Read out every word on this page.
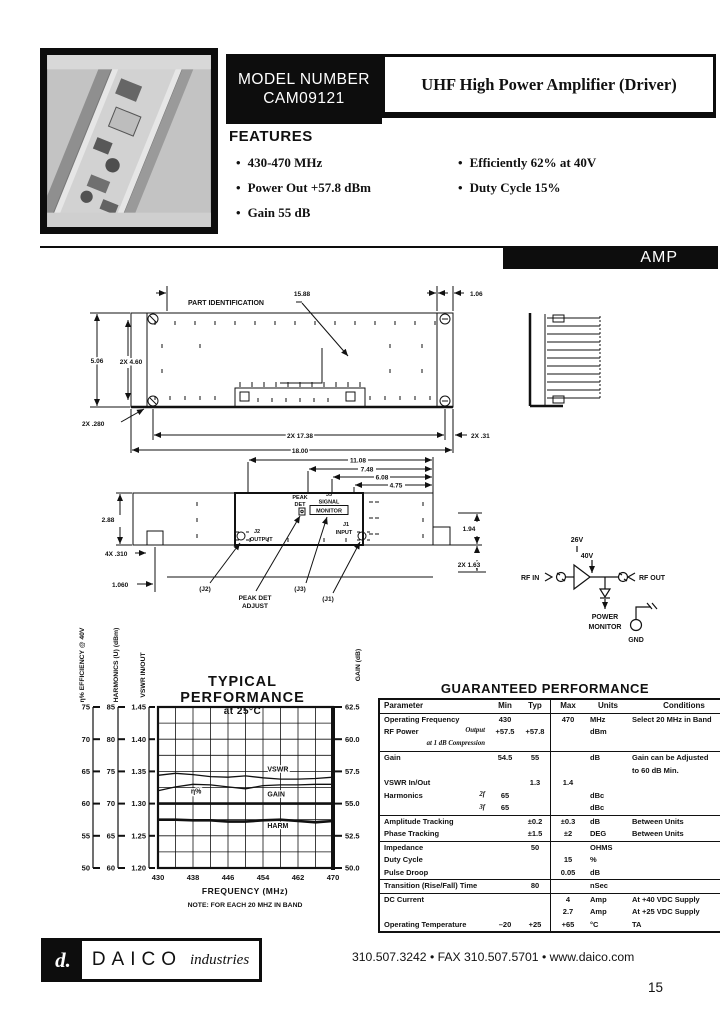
MODEL NUMBER
CAM09121
UHF High Power Amplifier (Driver)
FEATURES
• 430-470 MHz
• Power Out +57.8 dBm
• Gain 55 dB
• Efficiently 62% at 40V
• Duty Cycle 15%
AMP
PART IDENTIFICATION
15.88	1.06
5.06	2X 4.60
2X .280
2X 17.38
18.00
2X .31
11.08
7.48
6.08
4.75
2.88
4X .310
1.060
1.94
2X 1.63
J2
OUTPUT
PEAK
DET
J3
SIGNAL
MONITOR
J1
INPUT
(J2)
PEAK DET
ADJUST
(J3)
(J1)
26V
40V
RF IN	RF OUT
POWER
MONITOR
GND
TYPICAL PERFORMANCE
at 25°C
η% EFFICIENCY @ 40V	HARMONICS (U) (dBm)	VSWR IN/OUT	GAIN (dB)
FREQUENCY (MHz)
NOTE: FOR EACH 20 MHZ IN BAND
75
70
65
60
55
50
85
80
75
70
65
60
1.45
1.40
1.35
1.30
1.25
1.20
62.5
60.0
57.5
55.0
52.5
50.0
430	438	446	454	462	470
VSWR
η%	GAIN
HARM
GUARANTEED PERFORMANCE
Parameter	Min	Typ	Max	Units	Conditions
Operating Frequency	430		470	MHz	Select 20 MHz in Band
RF Power Output	+57.5	+57.8		dBm	

at 1 dB Compression					

Gain	54.5	55		dB	Gain can be Adjusted
					to 60 dB Min.
VSWR In/Out		1.3	1.4		
Harmonics 2f	65			dBc	

3f	65			dBc	
Amplitude Tracking		±0.2	±0.3	dB	Between Units
Phase Tracking		±1.5	±2	DEG	Between Units
Impedance		50		OHMS	
Duty Cycle			15	%	
Pulse Droop			0.05	dB	
Transition (Rise/Fall) Time		80		nSec	
DC Current			4	Amp	At +40 VDC Supply
			2.7	Amp	At +25 VDC Supply
Operating Temperature	–20	+25	+65	°C	TA
d.	DAICO industries	310.507.3242 • FAX 310.507.5701 • www.daico.com
15
